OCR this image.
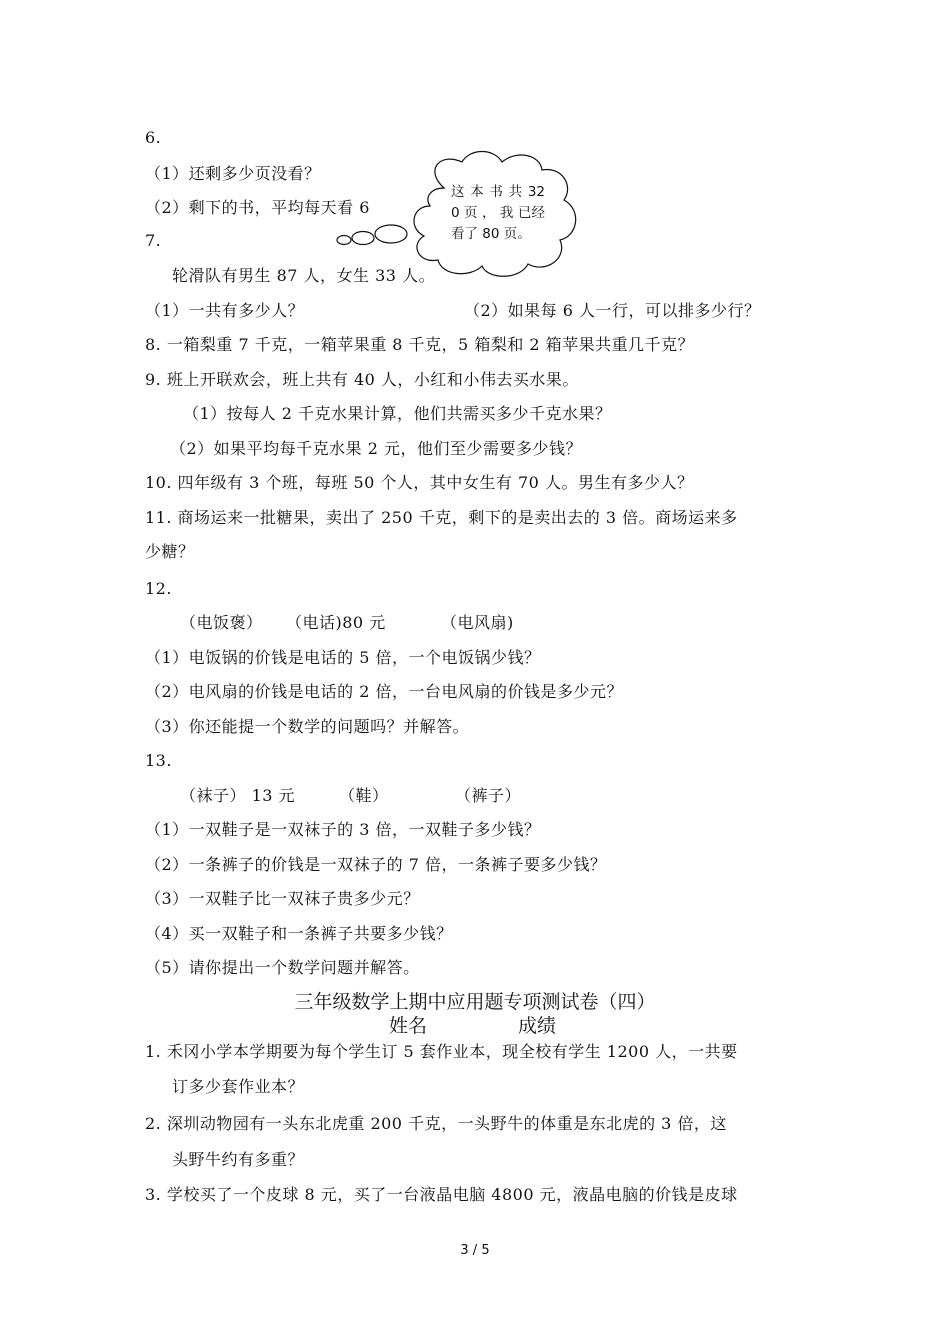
6.
（1）还剩多少页没看？
（2）剩下的书，平均每天看 6
这 本 书 共 320 页 ， 我 已经看了 80 页。
7.
轮滑队有男生 87 人，女生 33 人。
（1）一共有多少人？	（2）如果每 6 人一行，可以排多少行？
8. 一箱梨重 7 千克，一箱苹果重 8 千克，5 箱梨和 2 箱苹果共重几千克？
9. 班上开联欢会，班上共有 40 人，小红和小伟去买水果。
（1）按每人 2 千克水果计算，他们共需买多少千克水果？
（2）如果平均每千克水果 2 元，他们至少需要多少钱？
10. 四年级有 3 个班，每班 50 个人，其中女生有 70 人。男生有多少人？
11. 商场运来一批糖果，卖出了 250 千克，剩下的是卖出去的 3 倍。商场运来多
少糖？
12.
（电饭褒） （电话)80 元	（电风扇)
（1）电饭锅的价钱是电话的 5 倍，一个电饭锅少钱？
（2）电风扇的价钱是电话的 2 倍，一台电风扇的价钱是多少元？
（3）你还能提一个数学的问题吗？并解答。
13.
（袜子） 13 元	（鞋）	（裤子）
（1）一双鞋子是一双袜子的 3 倍，一双鞋子多少钱？
（2）一条裤子的价钱是一双袜子的 7 倍，一条裤子要多少钱？
（3）一双鞋子比一双袜子贵多少元？
（4）买一双鞋子和一条裤子共要多少钱？
（5）请你提出一个数学问题并解答。
三年级数学上期中应用题专项测试卷（四）
姓名	成绩
1. 禾冈小学本学期要为每个学生订 5 套作业本，现全校有学生 1200 人，一共要
订多少套作业本？
2. 深圳动物园有一头东北虎重 200 千克，一头野牛的体重是东北虎的 3 倍，这
头野牛约有多重？
3. 学校买了一个皮球 8 元，买了一台液晶电脑 4800 元，液晶电脑的价钱是皮球
3 / 5
